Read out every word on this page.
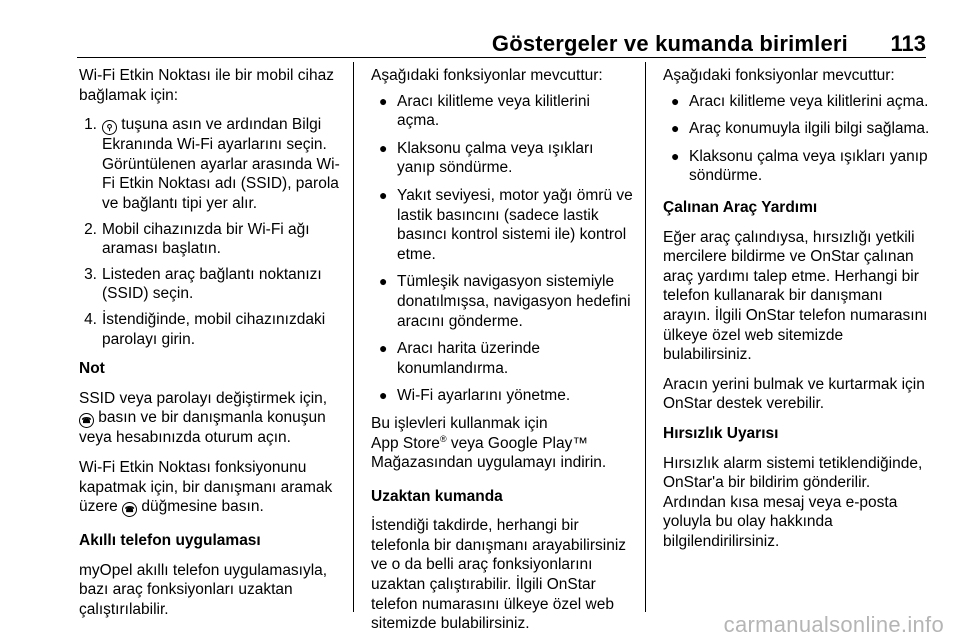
Göstergeler ve kumanda birimleri 113

Wi-Fi Etkin Noktası ile bir mobil cihaz bağlamak için:

1.	⚲ tuşuna asın ve ardından Bilgi Ekranında Wi-Fi ayarlarını seçin. Görüntülenen ayarlar arasında Wi-Fi Etkin Noktası adı (SSID), parola ve bağlantı tipi yer alır.
2. Mobil cihazınızda bir Wi-Fi ağı araması başlatın.
3. Listeden araç bağlantı noktanızı (SSID) seçin.
4. İstendiğinde, mobil cihazınızdaki parolayı girin.

Not

SSID veya parolayı değiştirmek için,
☎ basın ve bir danışmanla konuşun veya hesabınızda oturum açın.

Wi-Fi Etkin Noktası fonksiyonunu kapatmak için, bir danışmanı aramak üzere ☎ düğmesine basın.

Akıllı telefon uygulaması

myOpel akıllı telefon uygulamasıyla, bazı araç fonksiyonları uzaktan çalıştırılabilir.

Aşağıdaki fonksiyonlar mevcuttur:

● Aracı kilitleme veya kilitlerini açma.
● Klaksonu çalma veya ışıkları yanıp söndürme.
● Yakıt seviyesi, motor yağı ömrü ve lastik basıncını (sadece lastik basıncı kontrol sistemi ile) kontrol etme.
● Tümleşik navigasyon sistemiyle donatılmışsa, navigasyon hedefini aracını gönderme.
● Aracı harita üzerinde konumlandırma.
● Wi-Fi ayarlarını yönetme.

Bu işlevleri kullanmak için
App Store® veya Google Play™
Mağazasından uygulamayı indirin.

Uzaktan kumanda

İstendiği takdirde, herhangi bir telefonla bir danışmanı arayabilirsiniz ve o da belli araç fonksiyonlarını uzaktan çalıştırabilir. İlgili OnStar telefon numarasını ülkeye özel web sitemizde bulabilirsiniz.

Aşağıdaki fonksiyonlar mevcuttur:

● Aracı kilitleme veya kilitlerini açma.
● Araç konumuyla ilgili bilgi sağlama.
● Klaksonu çalma veya ışıkları yanıp söndürme.

Çalınan Araç Yardımı

Eğer araç çalındıysa, hırsızlığı yetkili mercilere bildirme ve OnStar çalınan araç yardımı talep etme. Herhangi bir telefon kullanarak bir danışmanı arayın. İlgili OnStar telefon numarasını ülkeye özel web sitemizde bulabilirsiniz.

Aracın yerini bulmak ve kurtarmak için OnStar destek verebilir.

Hırsızlık Uyarısı

Hırsızlık alarm sistemi tetiklendiğinde, OnStar'a bir bildirim gönderilir. Ardından kısa mesaj veya e-posta yoluyla bu olay hakkında bilgilendirilirsiniz.

carmanualsonline.info
